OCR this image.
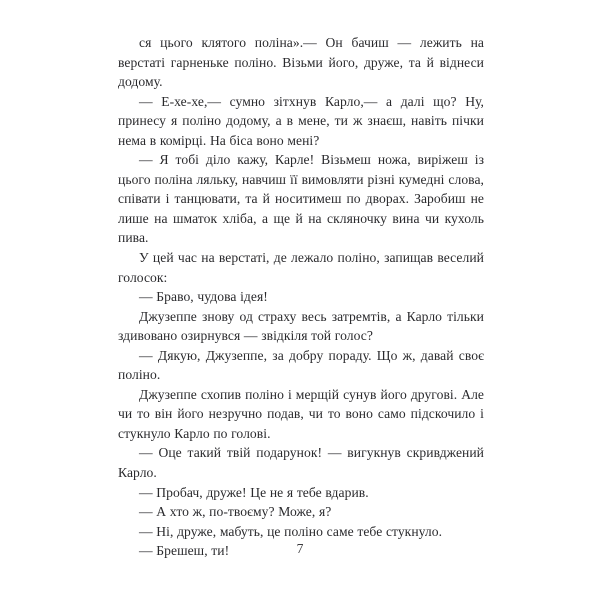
ся цього клятого поліна».— Он бачиш — лежить на верстаті гарненьке поліно. Візьми його, друже, та й віднеси додому.

— Е-хе-хе,— сумно зітхнув Карло,— а далі що? Ну, принесу я поліно додому, а в мене, ти ж знаєш, навіть пічки нема в комірці. На біса воно мені?

— Я тобі діло кажу, Карле! Візьмеш ножа, виріжеш із цього поліна ляльку, навчиш її вимовляти різні кумедні слова, співати і танцювати, та й носитимеш по дворах. Заробиш не лише на шматок хліба, а ще й на скляночку вина чи кухоль пива.

У цей час на верстаті, де лежало поліно, запищав веселий голосок:

— Браво, чудова ідея!

Джузеппе знову од страху весь затремтів, а Карло тільки здивовано озирнувся — звідкіля той голос?

— Дякую, Джузеппе, за добру пораду. Що ж, давай своє поліно.

Джузеппе схопив поліно і мерщій сунув його другові. Але чи то він його незручно подав, чи то воно само підскочило і стукнуло Карло по голові.

— Оце такий твій подарунок! — вигукнув скривджений Карло.

— Пробач, друже! Це не я тебе вдарив.

— А хто ж, по-твоєму? Може, я?

— Ні, друже, мабуть, це поліно саме тебе стукнуло.

— Брешеш, ти!	7
